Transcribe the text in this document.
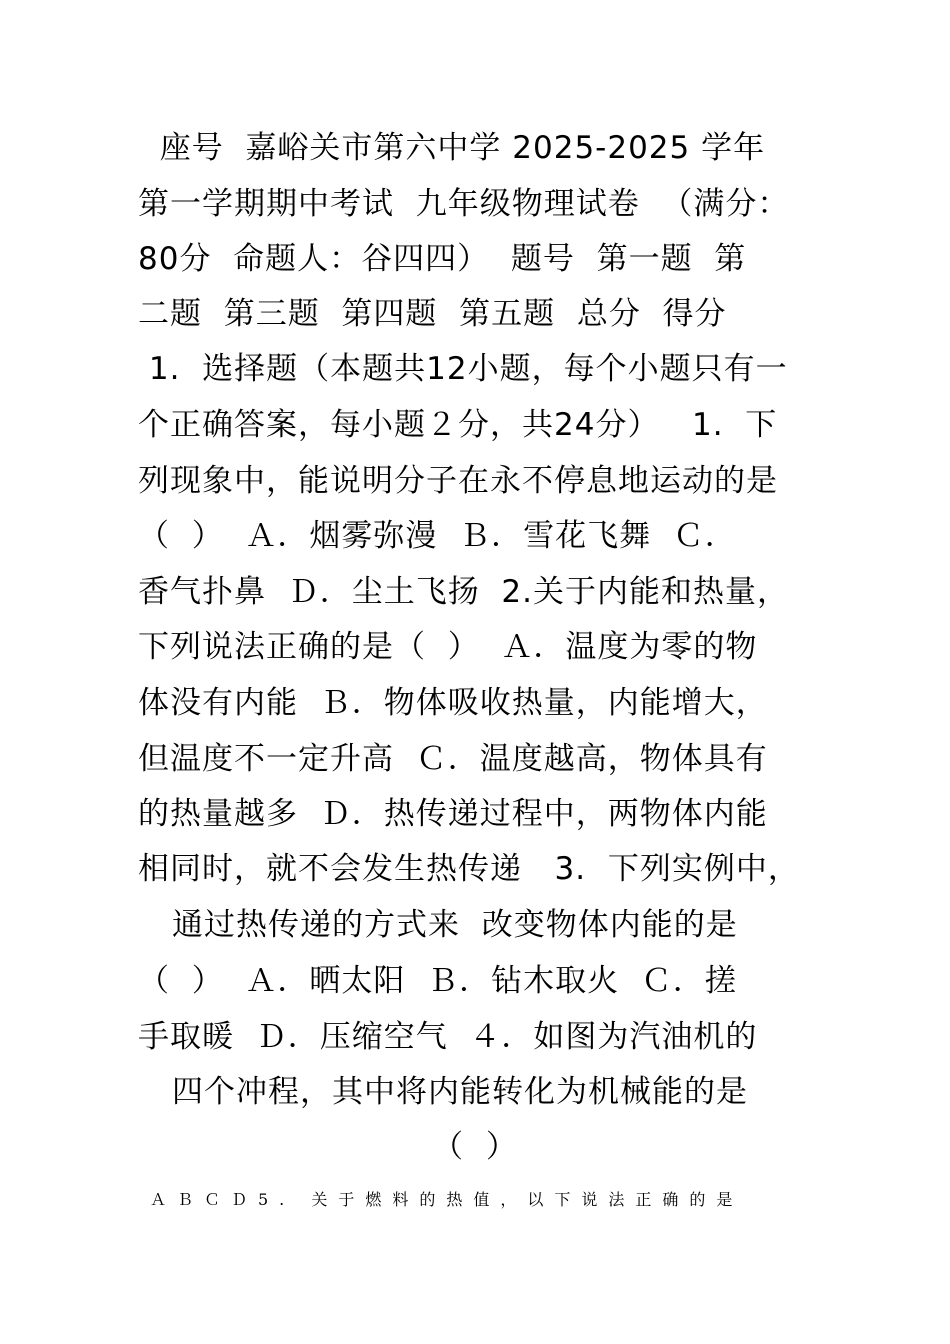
座号  嘉峪关市第六中学 2025-2025 学年
第一学期期中考试  九年级物理试卷  （满分：
80分  命题人：谷四四）  题号  第一题  第
二题  第三题  第四题  第五题  总分  得分
1.  选择题（本题共12小题，每个小题只有一
个正确答案，每小题２分，共24分）   1.  下
列现象中，能说明分子在永不停息地运动的是
（  ）  Ａ．烟雾弥漫  Ｂ．雪花飞舞  Ｃ．
香气扑鼻  Ｄ．尘土飞扬  2.关于内能和热量，
下列说法正确的是（  ）  Ａ．温度为零的物
体没有内能  Ｂ．物体吸收热量，内能增大，
但温度不一定升高  Ｃ．温度越高，物体具有
的热量越多  Ｄ．热传递过程中，两物体内能
相同时，就不会发生热传递   3.  下列实例中，
通过热传递的方式来  改变物体内能的是
（  ）  Ａ．晒太阳  Ｂ．钻木取火  Ｃ．搓
手取暖  Ｄ．压缩空气  ４．如图为汽油机的
四个冲程，其中将内能转化为机械能的是
（  ）
ＡＢＣＤ5. 关于燃料的热值，以下说法正确的是
